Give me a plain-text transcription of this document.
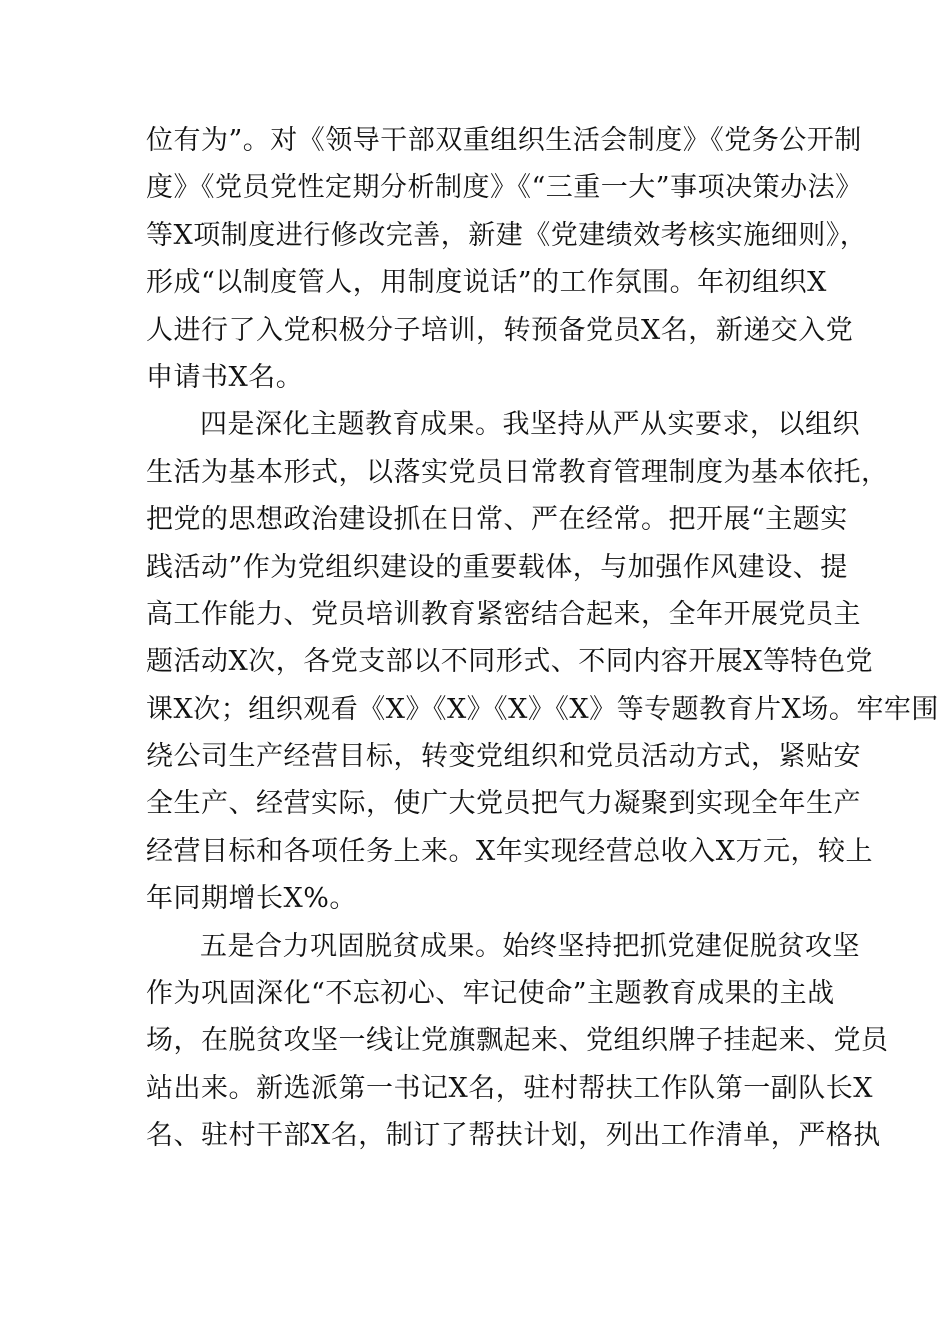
位有为”。对《领导干部双重组织生活会制度》《党务公开制
度》《党员党性定期分析制度》《“三重一大”事项决策办法》
等X项制度进行修改完善，新建《党建绩效考核实施细则》，
形成“以制度管人，用制度说话”的工作氛围。年初组织X
人进行了入党积极分子培训，转预备党员X名，新递交入党
申请书X名。
四是深化主题教育成果。我坚持从严从实要求，以组织
生活为基本形式，以落实党员日常教育管理制度为基本依托，
把党的思想政治建设抓在日常、严在经常。把开展“主题实
践活动”作为党组织建设的重要载体，与加强作风建设、提
高工作能力、党员培训教育紧密结合起来，全年开展党员主
题活动X次，各党支部以不同形式、不同内容开展X等特色党
课X次；组织观看《X》《X》《X》《X》等专题教育片X场。牢牢围
绕公司生产经营目标，转变党组织和党员活动方式，紧贴安
全生产、经营实际，使广大党员把气力凝聚到实现全年生产
经营目标和各项任务上来。X年实现经营总收入X万元，较上
年同期增长X%。
五是合力巩固脱贫成果。始终坚持把抓党建促脱贫攻坚
作为巩固深化“不忘初心、牢记使命”主题教育成果的主战
场，在脱贫攻坚一线让党旗飘起来、党组织牌子挂起来、党员
站出来。新选派第一书记X名，驻村帮扶工作队第一副队长X
名、驻村干部X名，制订了帮扶计划，列出工作清单，严格执
